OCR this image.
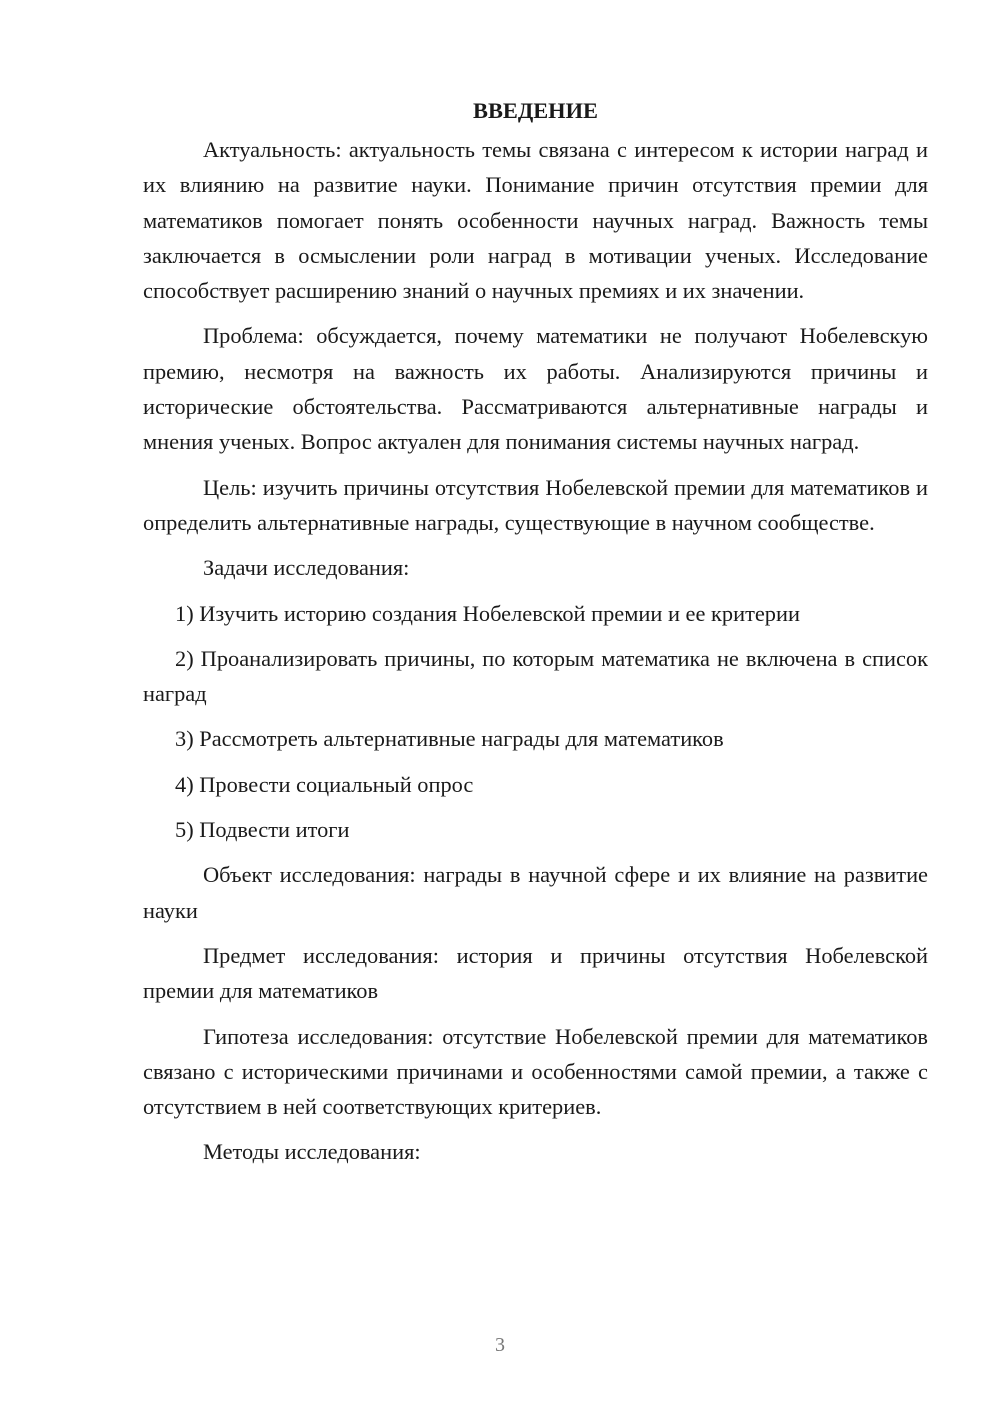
ВВЕДЕНИЕ

Актуальность: актуальность темы связана с интересом к истории наград и их влиянию на развитие науки. Понимание причин отсутствия премии для математиков помогает понять особенности научных наград. Важность темы заключается в осмыслении роли наград в мотивации ученых. Исследование способствует расширению знаний о научных премиях и их значении.

Проблема: обсуждается, почему математики не получают Нобелевскую премию, несмотря на важность их работы. Анализируются причины и исторические обстоятельства. Рассматриваются альтернативные награды и мнения ученых. Вопрос актуален для понимания системы научных наград.

Цель: изучить причины отсутствия Нобелевской премии для математиков и определить альтернативные награды, существующие в научном сообществе.

Задачи исследования:

1) Изучить историю создания Нобелевской премии и ее критерии

2) Проанализировать причины, по которым математика не включена в список наград

3) Рассмотреть альтернативные награды для математиков

4) Провести социальный опрос

5) Подвести итоги

Объект исследования: награды в научной сфере и их влияние на развитие науки

Предмет исследования: история и причины отсутствия Нобелевской премии для математиков

Гипотеза исследования: отсутствие Нобелевской премии для математиков связано с историческими причинами и особенностями самой премии, а также с отсутствием в ней соответствующих критериев.

Методы исследования:

3
